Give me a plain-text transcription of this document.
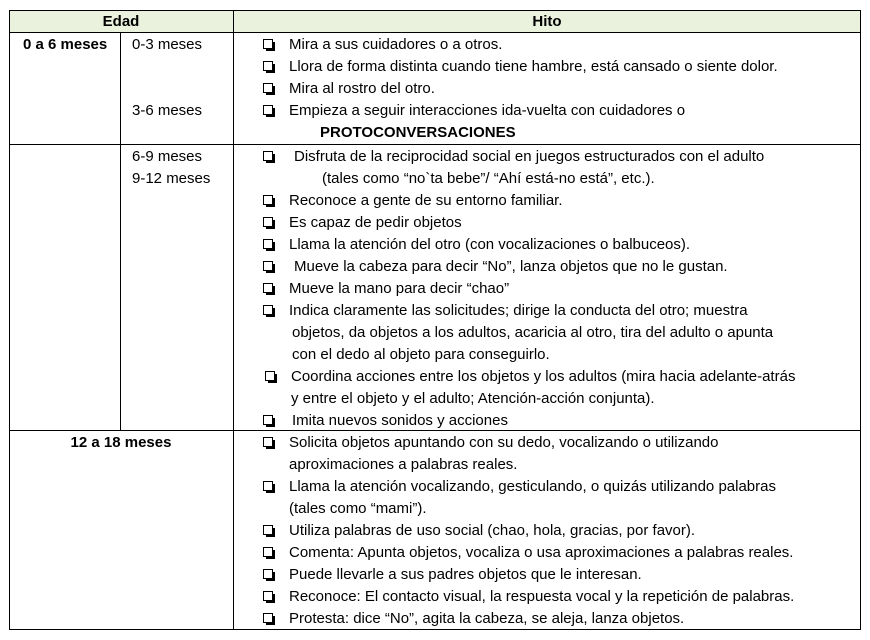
Edad	Hito
0 a 6 meses 0-3 meses
3-6 meses
6-9 meses
9-12 meses
12 a 18 meses
Mira a sus cuidadores o a otros.
Llora de forma distinta cuando tiene hambre, está cansado o siente dolor.
Mira al rostro del otro.
Empieza a seguir interacciones ida-vuelta con cuidadores o
PROTOCONVERSACIONES
Disfruta de la reciprocidad social en juegos estructurados con el adulto
(tales como “no`ta bebe”/ “Ahí está-no está”, etc.).
Reconoce a gente de su entorno familiar.
Es capaz de pedir objetos
Llama la atención del otro (con vocalizaciones o balbuceos).
Mueve la cabeza para decir “No”, lanza objetos que no le gustan.
Mueve la mano para decir “chao”
Indica claramente las solicitudes; dirige la conducta del otro; muestra
objetos, da objetos a los adultos, acaricia al otro, tira del adulto o apunta
con el dedo al objeto para conseguirlo.
Coordina acciones entre los objetos y los adultos (mira hacia adelante-atrás
y entre el objeto y el adulto; Atención-acción conjunta).
Imita nuevos sonidos y acciones
Solicita objetos apuntando con su dedo, vocalizando o utilizando
aproximaciones a palabras reales.
Llama la atención vocalizando, gesticulando, o quizás utilizando palabras
(tales como “mami”).
Utiliza palabras de uso social (chao, hola, gracias, por favor).
Comenta: Apunta objetos, vocaliza o usa aproximaciones a palabras reales.
Puede llevarle a sus padres objetos que le interesan.
Reconoce: El contacto visual, la respuesta vocal y la repetición de palabras.
Protesta: dice “No”, agita la cabeza, se aleja, lanza objetos.
